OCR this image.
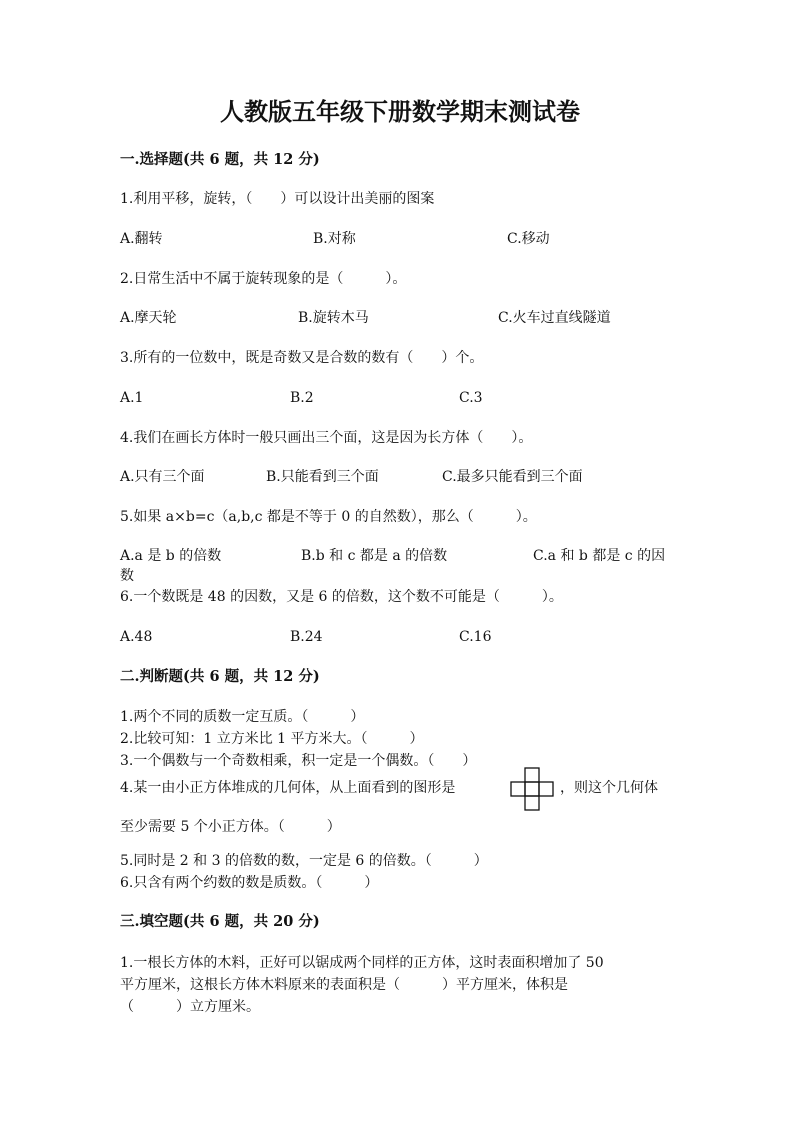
人教版五年级下册数学期末测试卷
一.选择题(共 6 题，共 12 分)
1.利用平移，旋转，（　　）可以设计出美丽的图案
A.翻转	B.对称	C.移动
2.日常生活中不属于旋转现象的是（　　　）。
A.摩天轮	B.旋转木马	C.火车过直线隧道
3.所有的一位数中，既是奇数又是合数的数有（　　）个。
A.1	B.2	C.3
4.我们在画长方体时一般只画出三个面，这是因为长方体（　　）。
A.只有三个面	B.只能看到三个面	C.最多只能看到三个面
5.如果 a×b=c（a,b,c 都是不等于 0 的自然数），那么（　　　）。
A.a 是 b 的倍数	B.b 和 c 都是 a 的倍数	C.a 和 b 都是 c 的因
数
6.一个数既是 48 的因数，又是 6 的倍数，这个数不可能是（　　　）。
A.48	B.24	C.16
二.判断题(共 6 题，共 12 分)
1.两个不同的质数一定互质。（　　　）
2.比较可知：1 立方米比 1 平方米大。（　　　）
3.一个偶数与一个奇数相乘，积一定是一个偶数。（　　）
4.某一由小正方体堆成的几何体，从上面看到的图形是	，则这个几何体
至少需要 5 个小正方体。（　　　）
5.同时是 2 和 3 的倍数的数，一定是 6 的倍数。（　　　）
6.只含有两个约数的数是质数。（　　　）
三.填空题(共 6 题，共 20 分)
1.一根长方体的木料，正好可以锯成两个同样的正方体，这时表面积增加了 50
平方厘米，这根长方体木料原来的表面积是（　　　）平方厘米，体积是
（　　　）立方厘米。
